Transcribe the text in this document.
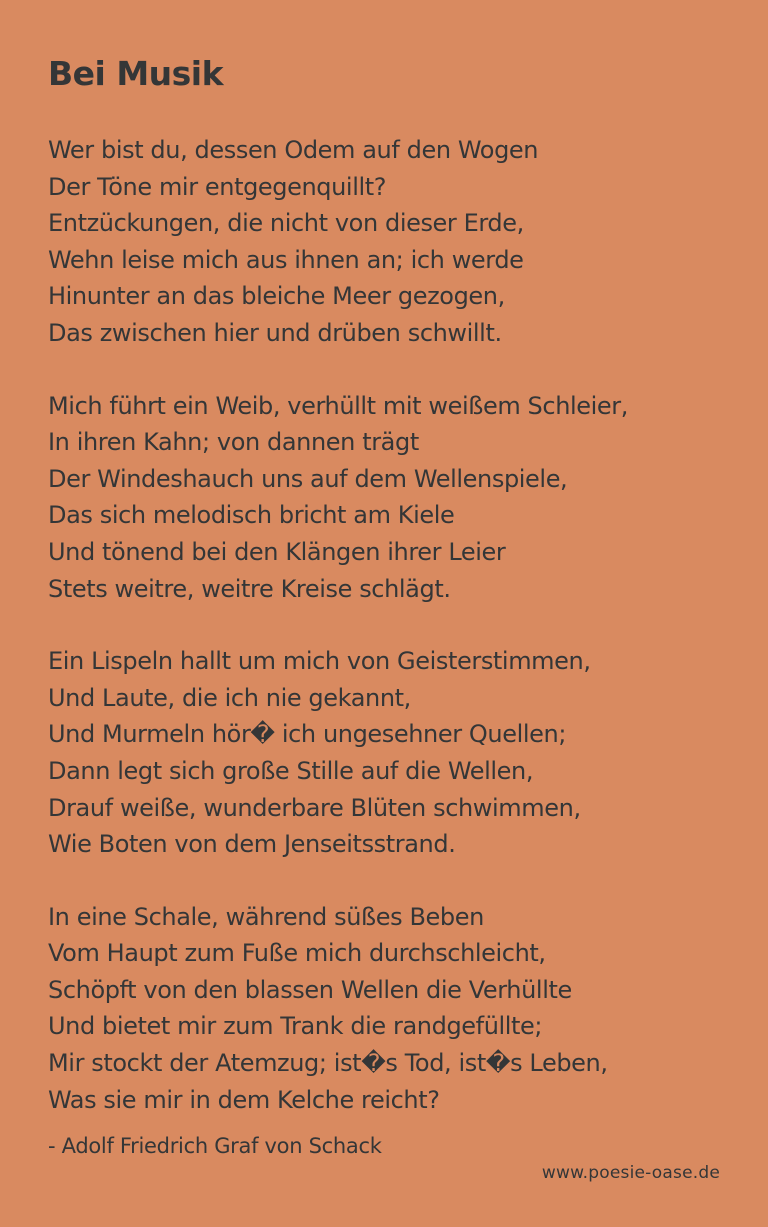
Bei Musik
Wer bist du, dessen Odem auf den Wogen
Der Töne mir entgegenquillt?
Entzückungen, die nicht von dieser Erde,
Wehn leise mich aus ihnen an; ich werde
Hinunter an das bleiche Meer gezogen,
Das zwischen hier und drüben schwillt.
Mich führt ein Weib, verhüllt mit weißem Schleier,
In ihren Kahn; von dannen trägt
Der Windeshauch uns auf dem Wellenspiele,
Das sich melodisch bricht am Kiele
Und tönend bei den Klängen ihrer Leier
Stets weitre, weitre Kreise schlägt.
Ein Lispeln hallt um mich von Geisterstimmen,
Und Laute, die ich nie gekannt,
Und Murmeln hör� ich ungesehner Quellen;
Dann legt sich große Stille auf die Wellen,
Drauf weiße, wunderbare Blüten schwimmen,
Wie Boten von dem Jenseitsstrand.
In eine Schale, während süßes Beben
Vom Haupt zum Fuße mich durchschleicht,
Schöpft von den blassen Wellen die Verhüllte
Und bietet mir zum Trank die randgefüllte;
Mir stockt der Atemzug; ist�s Tod, ist�s Leben,
Was sie mir in dem Kelche reicht?
- Adolf Friedrich Graf von Schack
www.poesie-oase.de
